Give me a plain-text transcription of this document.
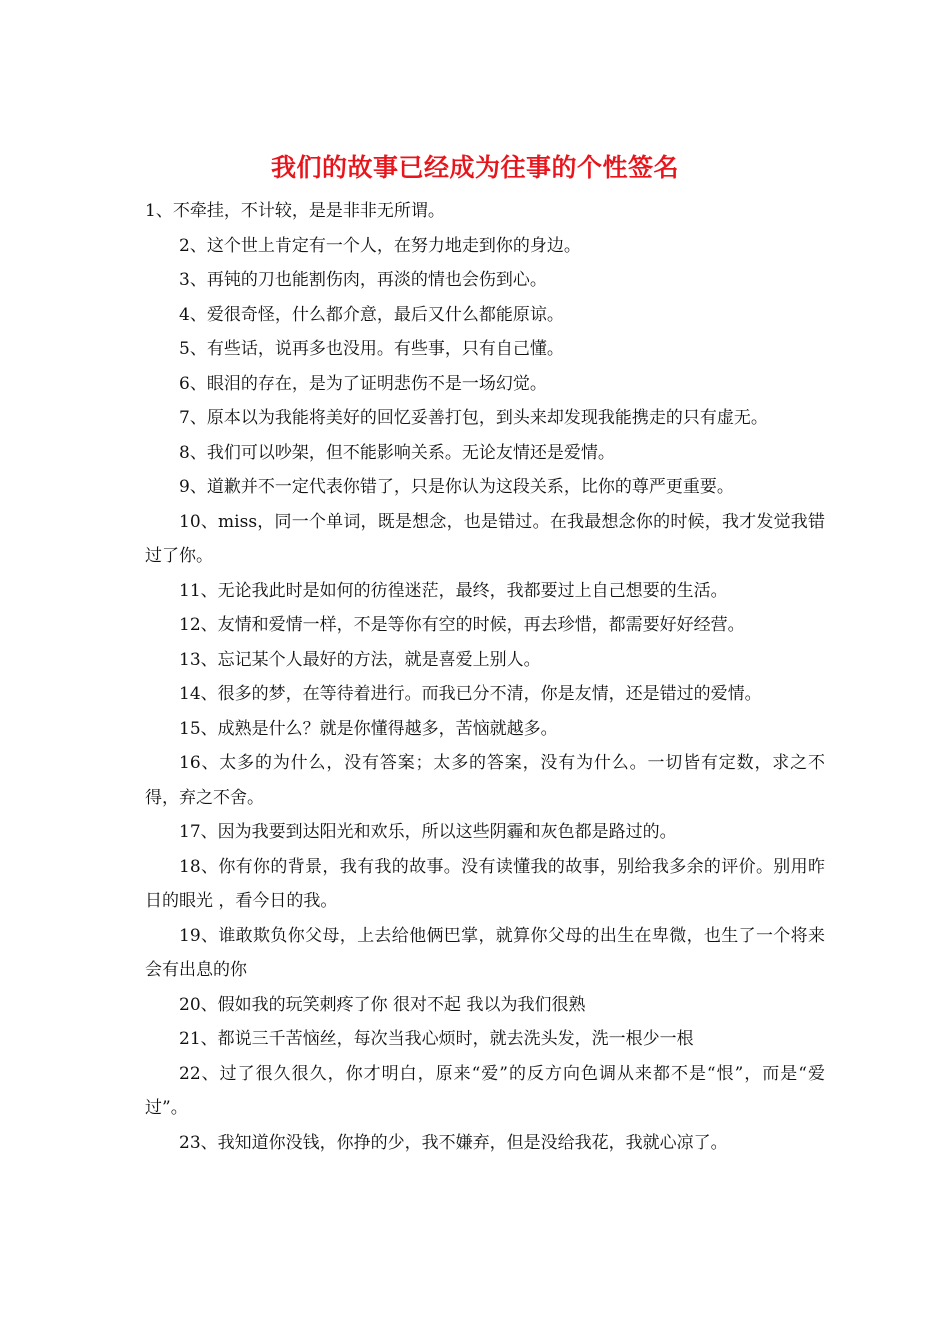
我们的故事已经成为往事的个性签名

1、不牵挂，不计较，是是非非无所谓。

2、这个世上肯定有一个人，在努力地走到你的身边。

3、再钝的刀也能割伤肉，再淡的情也会伤到心。

4、爱很奇怪，什么都介意，最后又什么都能原谅。

5、有些话，说再多也没用。有些事，只有自己懂。

6、眼泪的存在，是为了证明悲伤不是一场幻觉。

7、原本以为我能将美好的回忆妥善打包，到头来却发现我能携走的只有虚无。

8、我们可以吵架，但不能影响关系。无论友情还是爱情。

9、道歉并不一定代表你错了，只是你认为这段关系，比你的尊严更重要。

10、miss，同一个单词，既是想念，也是错过。在我最想念你的时候，我才发觉我错过了你。

11、无论我此时是如何的彷徨迷茫，最终，我都要过上自己想要的生活。

12、友情和爱情一样，不是等你有空的时候，再去珍惜，都需要好好经营。

13、忘记某个人最好的方法，就是喜爱上别人。

14、很多的梦，在等待着进行。而我已分不清，你是友情，还是错过的爱情。

15、成熟是什么？就是你懂得越多，苦恼就越多。

16、太多的为什么，没有答案；太多的答案，没有为什么。一切皆有定数，求之不得，弃之不舍。

17、因为我要到达阳光和欢乐，所以这些阴霾和灰色都是路过的。

18、你有你的背景，我有我的故事。没有读懂我的故事，别给我多余的评价。别用昨日的眼光 ，看今日的我。

19、谁敢欺负你父母，上去给他俩巴掌，就算你父母的出生在卑微，也生了一个将来会有出息的你

20、假如我的玩笑刺疼了你 很对不起 我以为我们很熟

21、都说三千苦恼丝，每次当我心烦时，就去洗头发，洗一根少一根

22、过了很久很久，你才明白，原来“爱”的反方向色调从来都不是“恨”，而是“爱过”。

23、我知道你没钱，你挣的少，我不嫌弃，但是没给我花，我就心凉了。
